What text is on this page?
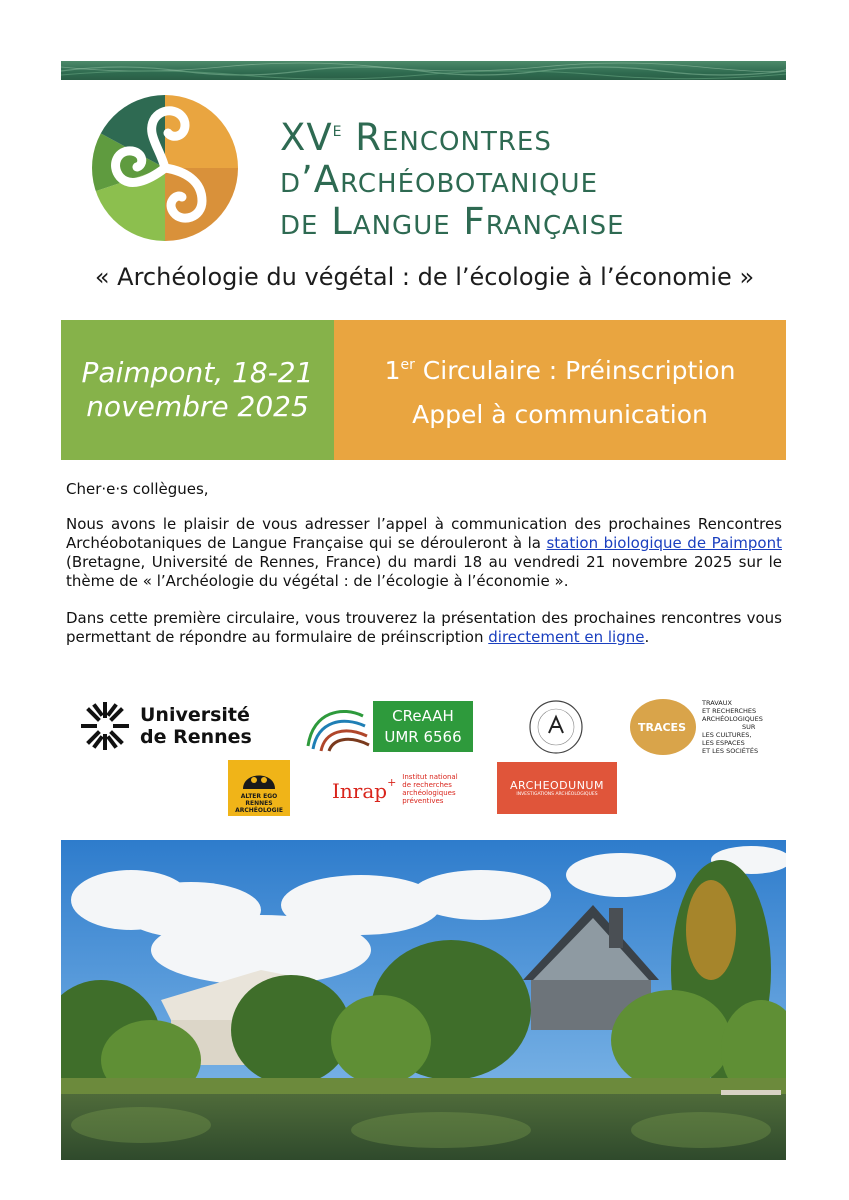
XVe Rencontres
d’Archéobotanique
de Langue Française
« Archéologie du végétal : de l’écologie à l’économie »
Paimpont, 18-21
novembre 2025
1er Circulaire : Préinscription
Appel à communication

Cher·e·s collègues,

Nous avons le plaisir de vous adresser l’appel à communication des prochaines Rencontres Archéobotaniques de Langue Française qui se dérouleront à la station biologique de Paimpont (Bretagne, Université de Rennes, France) du mardi 18 au vendredi 21 novembre 2025 sur le thème de « l’Archéologie du végétal : de l’écologie à l’économie ».

Dans cette première circulaire, vous trouverez la présentation des prochaines rencontres vous permettant de répondre au formulaire de préinscription directement en ligne.

Université
de Rennes
CReAAH
UMR 6566	TRACES
TRAVAUX
ET RECHERCHES
ARCHÉOLOGIQUES
SUR
LES CULTURES,
LES ESPACES
ET LES SOCIÉTÉS
ALTER EGO
RENNES
ARCHÉOLOGIE
Inrap+ Institut national
de recherches
archéologiques
préventives
ARCHEODUNUM
INVESTIGATIONS ARCHÉOLOGIQUES
